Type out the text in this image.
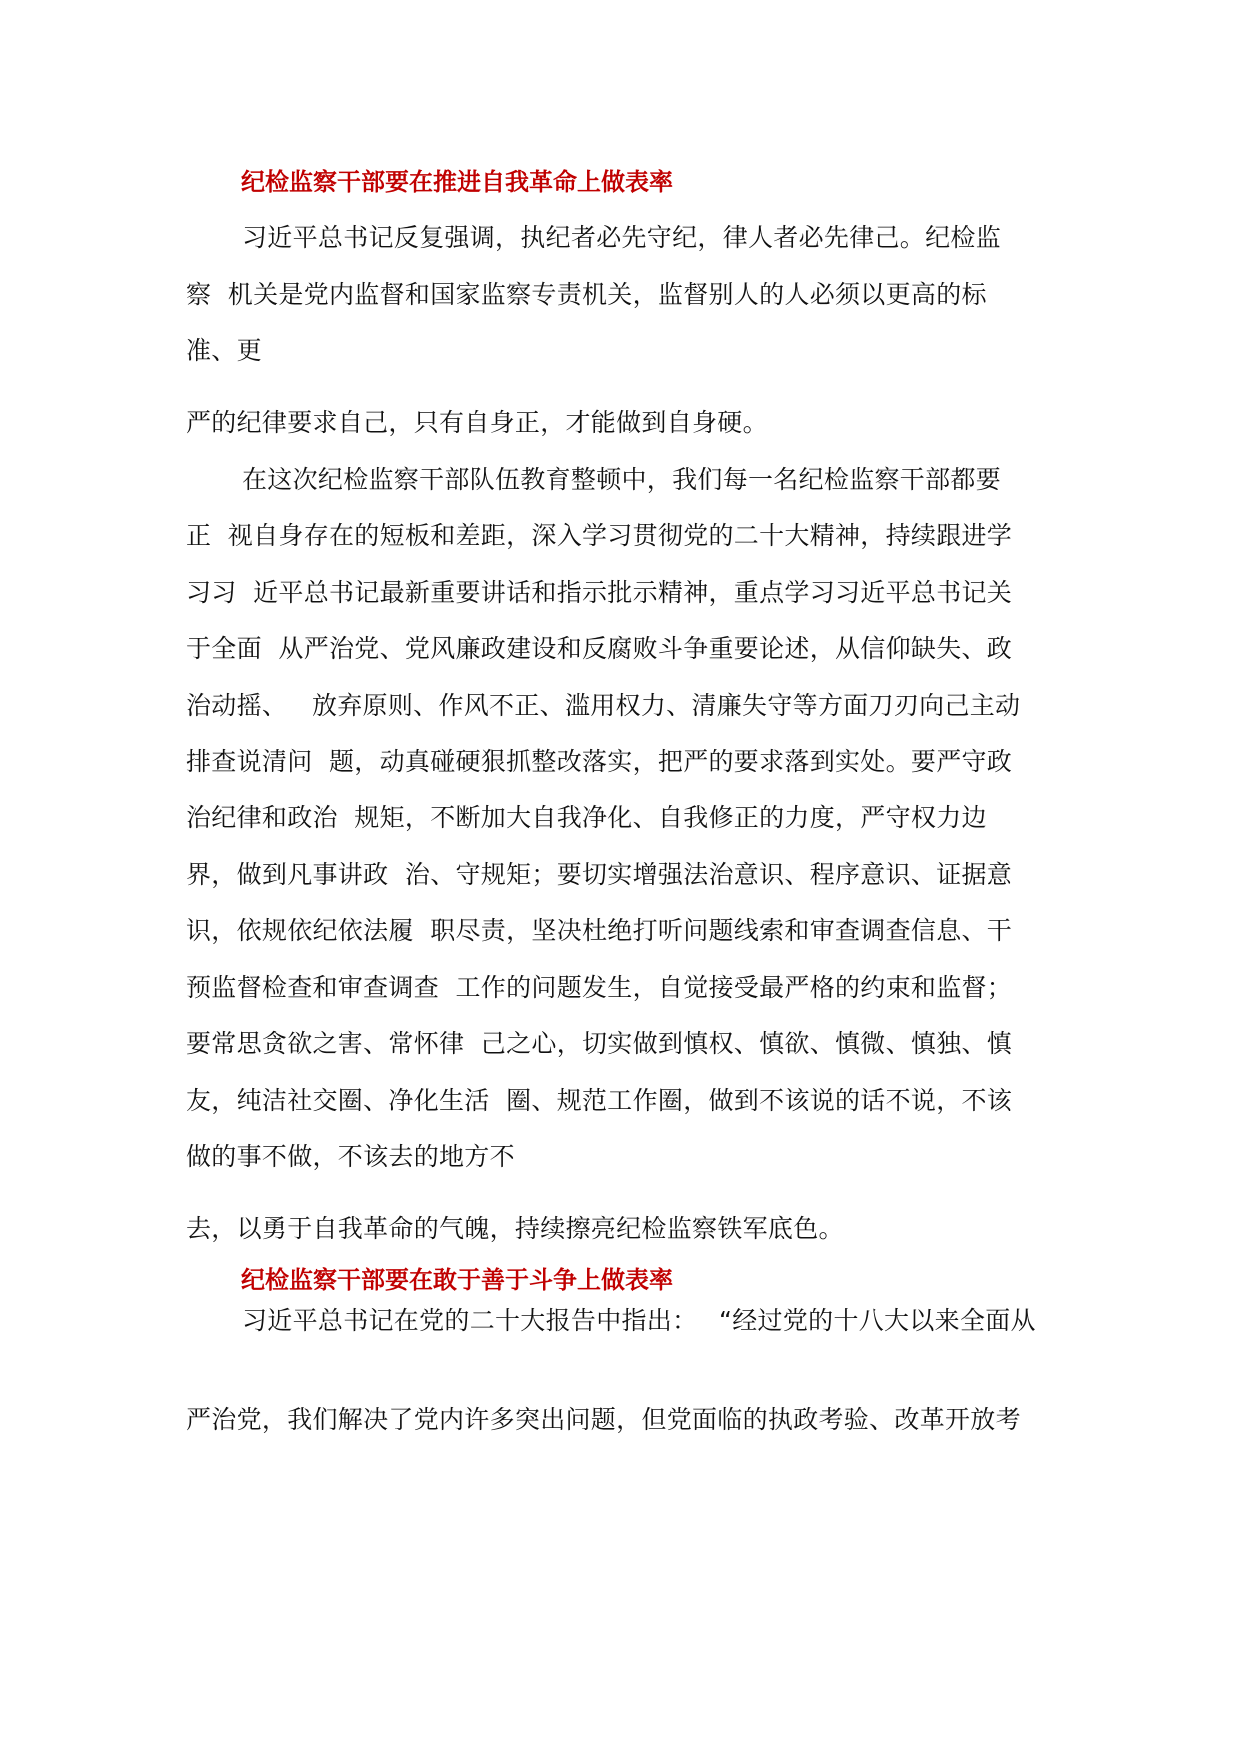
纪检监察干部要在推进自我革命上做表率
习近平总书记反复强调，执纪者必先守纪，律人者必先律己。纪检监
察  机关是党内监督和国家监察专责机关，监督别人的人必须以更高的标
准、更
严的纪律要求自己，只有自身正，才能做到自身硬。
在这次纪检监察干部队伍教育整顿中，我们每一名纪检监察干部都要
正  视自身存在的短板和差距，深入学习贯彻党的二十大精神，持续跟进学
习习  近平总书记最新重要讲话和指示批示精神，重点学习习近平总书记关
于全面  从严治党、党风廉政建设和反腐败斗争重要论述，从信仰缺失、政
治动摇、   放弃原则、作风不正、滥用权力、清廉失守等方面刀刃向己主动
排查说清问  题，动真碰硬狠抓整改落实，把严的要求落到实处。要严守政
治纪律和政治  规矩，不断加大自我净化、自我修正的力度，严守权力边
界，做到凡事讲政  治、守规矩；要切实增强法治意识、程序意识、证据意
识，依规依纪依法履  职尽责，坚决杜绝打听问题线索和审查调查信息、干
预监督检查和审查调查  工作的问题发生，自觉接受最严格的约束和监督；
要常思贪欲之害、常怀律  己之心，切实做到慎权、慎欲、慎微、慎独、慎
友，纯洁社交圈、净化生活  圈、规范工作圈，做到不该说的话不说，不该
做的事不做，不该去的地方不
去，以勇于自我革命的气魄，持续擦亮纪检监察铁军底色。
纪检监察干部要在敢于善于斗争上做表率
习近平总书记在党的二十大报告中指出： “经过党的十八大以来全面从
严治党，我们解决了党内许多突出问题，但党面临的执政考验、改革开放考
